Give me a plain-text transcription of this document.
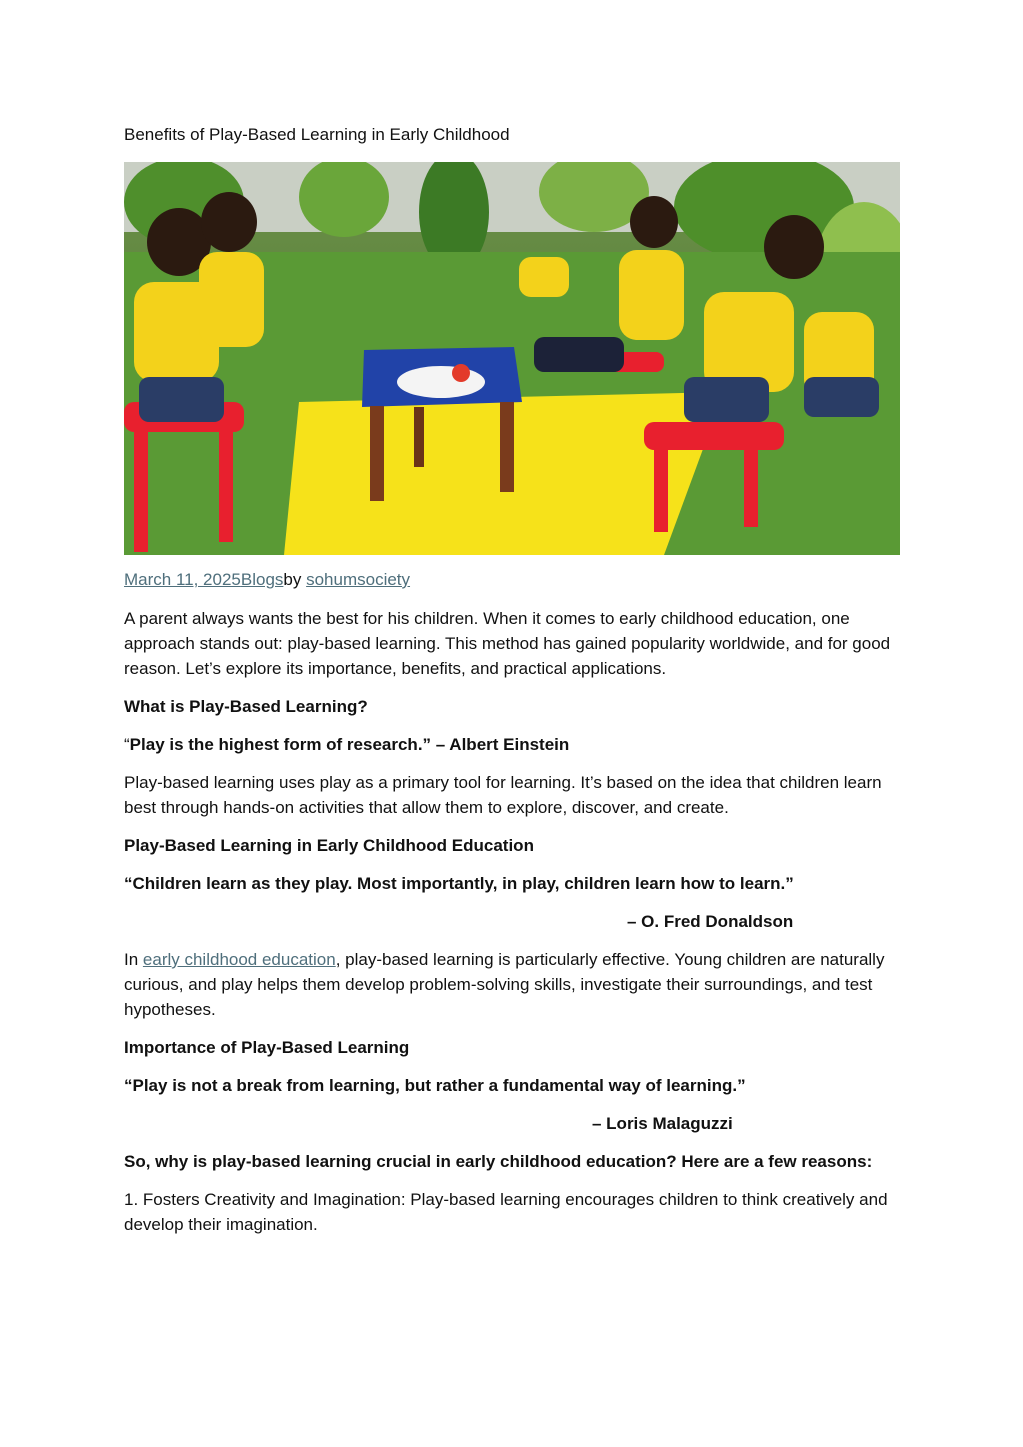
Benefits of Play-Based Learning in Early Childhood
March 11, 2025Blogsby sohumsociety

A parent always wants the best for his children. When it comes to early childhood education, one approach stands out: play-based learning. This method has gained popularity worldwide, and for good reason. Let’s explore its importance, benefits, and practical applications.

What is Play-Based Learning?

“Play is the highest form of research.” – Albert Einstein

Play-based learning uses play as a primary tool for learning. It’s based on the idea that children learn best through hands-on activities that allow them to explore, discover, and create.

Play-Based Learning in Early Childhood Education

“Children learn as they play. Most importantly, in play, children learn how to learn.”

– O. Fred Donaldson

In early childhood education, play-based learning is particularly effective. Young children are naturally curious, and play helps them develop problem-solving skills, investigate their surroundings, and test hypotheses.

Importance of Play-Based Learning

“Play is not a break from learning, but rather a fundamental way of learning.”

– Loris Malaguzzi

So, why is play-based learning crucial in early childhood education? Here are a few reasons:

1. Fosters Creativity and Imagination: Play-based learning encourages children to think creatively and develop their imagination.
